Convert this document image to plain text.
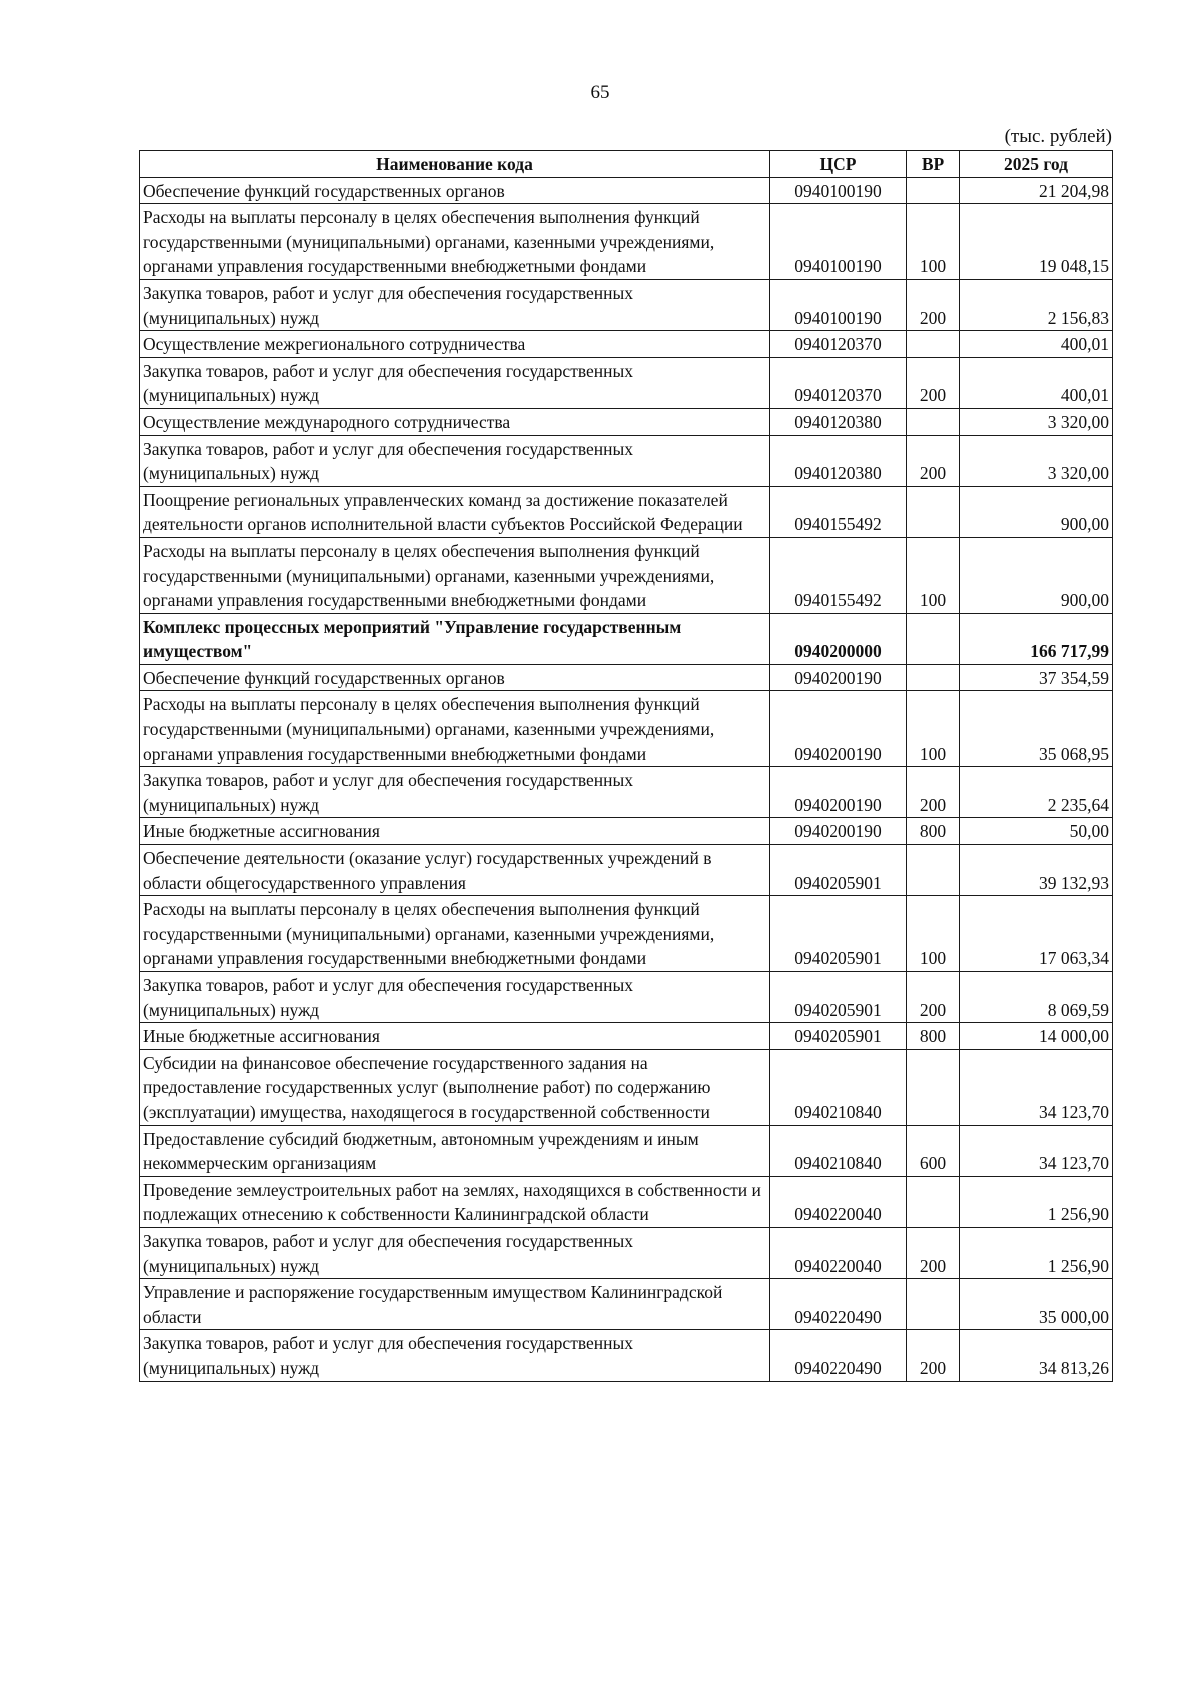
65
(тыс. рублей)
Наименование кода	ЦСР	ВР	2025 год
Обеспечение функций государственных органов	0940100190		21 204,98
Расходы на выплаты персоналу в целях обеспечения выполнения функций государственными (муниципальными) органами, казенными учреждениями, органами управления государственными внебюджетными фондами	0940100190	100	19 048,15
Закупка товаров, работ и услуг для обеспечения государственных (муниципальных) нужд	0940100190	200	2 156,83
Осуществление межрегионального сотрудничества	0940120370		400,01
Закупка товаров, работ и услуг для обеспечения государственных (муниципальных) нужд	0940120370	200	400,01
Осуществление международного сотрудничества	0940120380		3 320,00
Закупка товаров, работ и услуг для обеспечения государственных (муниципальных) нужд	0940120380	200	3 320,00
Поощрение региональных управленческих команд за достижение показателей деятельности органов исполнительной власти субъектов Российской Федерации	0940155492		900,00
Расходы на выплаты персоналу в целях обеспечения выполнения функций государственными (муниципальными) органами, казенными учреждениями, органами управления государственными внебюджетными фондами	0940155492	100	900,00
Комплекс процессных мероприятий "Управление государственным имуществом"	0940200000		166 717,99
Обеспечение функций государственных органов	0940200190		37 354,59
Расходы на выплаты персоналу в целях обеспечения выполнения функций государственными (муниципальными) органами, казенными учреждениями, органами управления государственными внебюджетными фондами	0940200190	100	35 068,95
Закупка товаров, работ и услуг для обеспечения государственных (муниципальных) нужд	0940200190	200	2 235,64
Иные бюджетные ассигнования	0940200190	800	50,00
Обеспечение деятельности (оказание услуг) государственных учреждений в области общегосударственного управления	0940205901		39 132,93
Расходы на выплаты персоналу в целях обеспечения выполнения функций государственными (муниципальными) органами, казенными учреждениями, органами управления государственными внебюджетными фондами	0940205901	100	17 063,34
Закупка товаров, работ и услуг для обеспечения государственных (муниципальных) нужд	0940205901	200	8 069,59
Иные бюджетные ассигнования	0940205901	800	14 000,00
Субсидии на финансовое обеспечение государственного задания на предоставление государственных услуг (выполнение работ) по содержанию (эксплуатации) имущества, находящегося в государственной собственности	0940210840		34 123,70
Предоставление субсидий бюджетным, автономным учреждениям и иным некоммерческим организациям	0940210840	600	34 123,70
Проведение землеустроительных работ на землях, находящихся в собственности и подлежащих отнесению к собственности Калининградской области	0940220040		1 256,90
Закупка товаров, работ и услуг для обеспечения государственных (муниципальных) нужд	0940220040	200	1 256,90
Управление и распоряжение государственным имуществом Калининградской области	0940220490		35 000,00
Закупка товаров, работ и услуг для обеспечения государственных (муниципальных) нужд	0940220490	200	34 813,26
